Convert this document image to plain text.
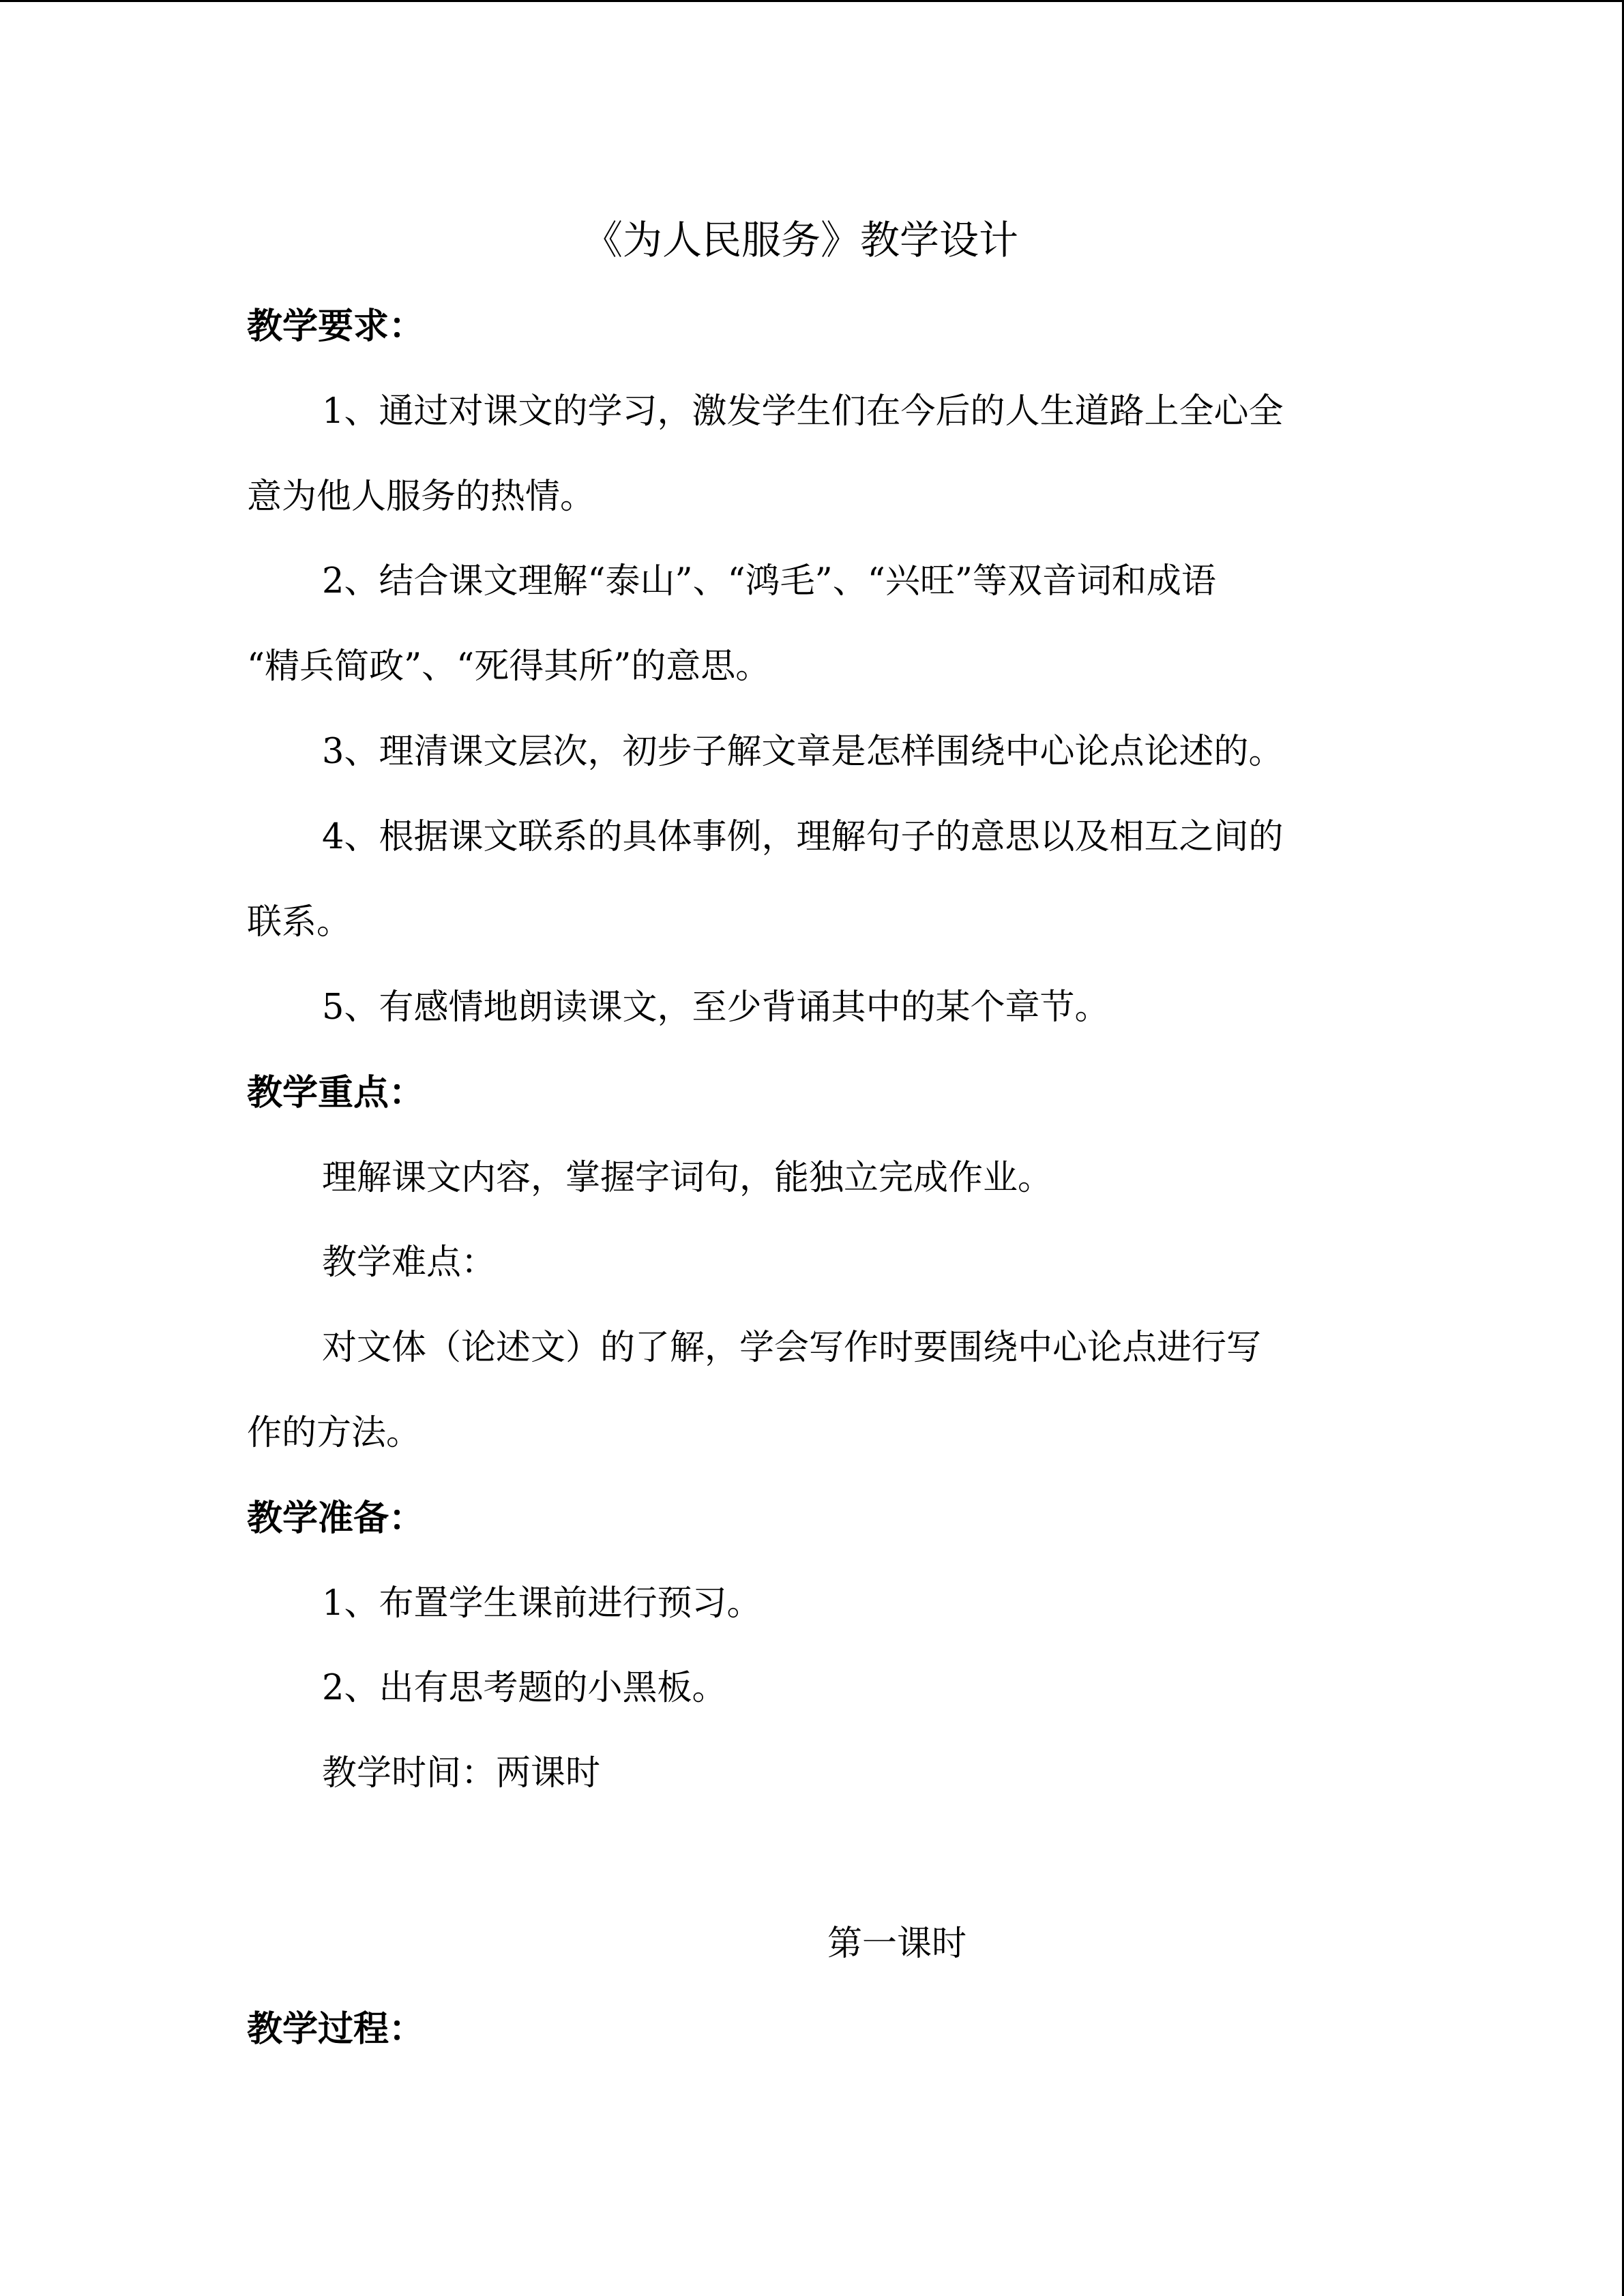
《为人民服务》教学设计

教学要求：

1、通过对课文的学习，激发学生们在今后的人生道路上全心全

意为他人服务的热情。

2、结合课文理解“泰山”、“鸿毛”、“兴旺”等双音词和成语

“精兵简政”、“死得其所”的意思。

3、理清课文层次，初步子解文章是怎样围绕中心论点论述的。

4、根据课文联系的具体事例，理解句子的意思以及相互之间的

联系。

5、有感情地朗读课文，至少背诵其中的某个章节。

教学重点：

理解课文内容，掌握字词句，能独立完成作业。

教学难点：

对文体（论述文）的了解，学会写作时要围绕中心论点进行写

作的方法。

教学准备：

1、布置学生课前进行预习。

2、出有思考题的小黑板。

教学时间：两课时

第一课时

教学过程：
